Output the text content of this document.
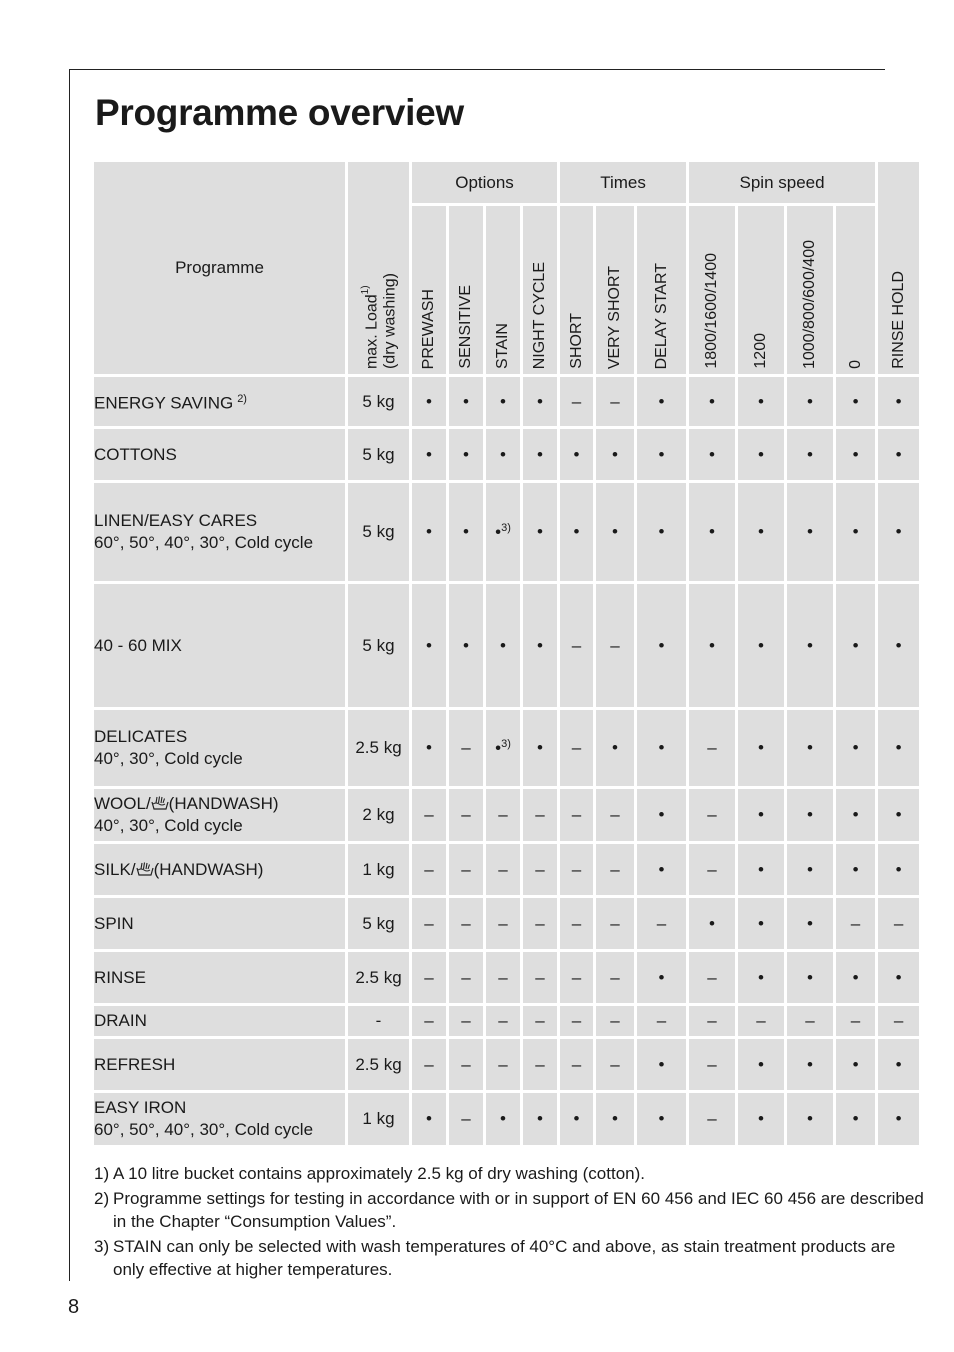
Programme overview
Programme	max. Load$^{1)}$ (dry washing)	Options				Times			Spin speed				RINSE HOLD
		PREWASH	SENSITIVE	STAIN	NIGHT CYCLE	SHORT	VERY SHORT	DELAY START	1800/1600/1400	1200	1000/800/600/400	0	
ENERGY SAVING $^{2)}$	5 kg	•	•	•	•	–	–	•	•	•	•	•	•
COTTONS	5 kg	•	•	•	•	•	•	•	•	•	•	•	•
LINEN/EASY CARES
60°, 50°, 40°, 30°, Cold cycle	5 kg	•	•	•$^{3)}$	•	•	•	•	•	•	•	•	•
40 - 60 MIX	5 kg	•	•	•	•	–	–	•	•	•	•	•	•
DELICATES
40°, 30°, Cold cycle	2.5 kg	•	–	•$^{3)}$	•	–	•	•	–	•	•	•	•
WOOL/ (HANDWASH)
40°, 30°, Cold cycle	2 kg	–	–	–	–	–	–	•	–	•	•	•	•
SILK/ (HANDWASH)	1 kg	–	–	–	–	–	–	•	–	•	•	•	•
SPIN	5 kg	–	–	–	–	–	–	–	•	•	•	–	–
RINSE	2.5 kg	–	–	–	–	–	–	•	–	•	•	•	•
DRAIN	-	–	–	–	–	–	–	–	–	–	–	–	–
REFRESH	2.5 kg	–	–	–	–	–	–	•	–	•	•	•	•
EASY IRON
60°, 50°, 40°, 30°, Cold cycle	1 kg	•	–	•	•	•	•	•	–	•	•	•	•
1) A 10 litre bucket contains approximately 2.5 kg of dry washing (cotton).
2) Programme settings for testing in accordance with or in support of EN 60 456 and IEC 60 456 are described in the Chapter “Consumption Values”.
3) STAIN can only be selected with wash temperatures of 40°C and above, as stain treatment products are only effective at higher temperatures.
8
